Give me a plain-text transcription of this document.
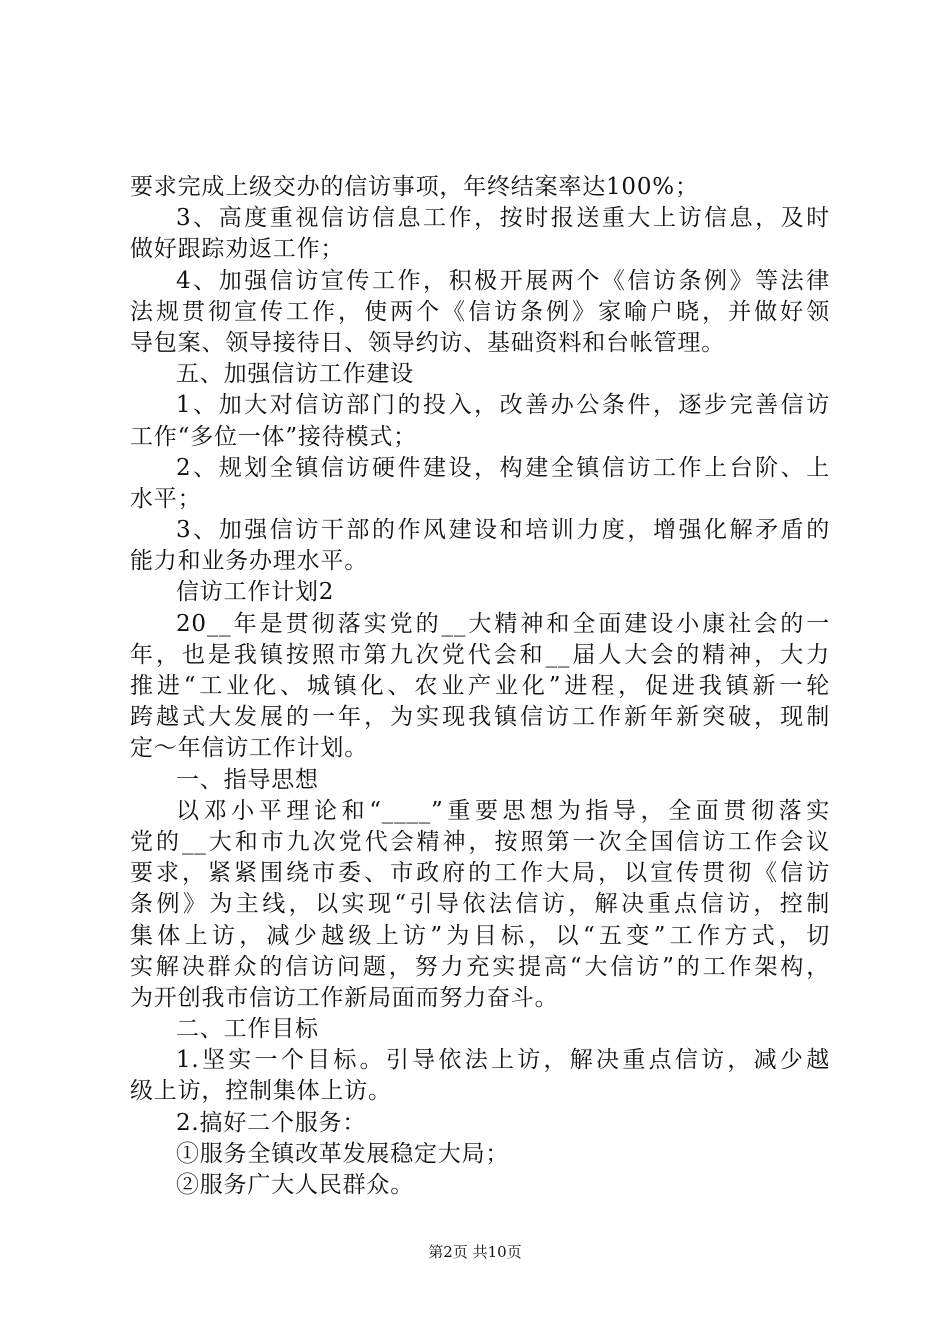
要求完成上级交办的信访事项，年终结案率达100%；
3、高度重视信访信息工作，按时报送重大上访信息，及时
做好跟踪劝返工作；
4、加强信访宣传工作，积极开展两个《信访条例》等法律
法规贯彻宣传工作，使两个《信访条例》家喻户晓，并做好领
导包案、领导接待日、领导约访、基础资料和台帐管理。
五、加强信访工作建设
1、加大对信访部门的投入，改善办公条件，逐步完善信访
工作“多位一体”接待模式；
2、规划全镇信访硬件建设，构建全镇信访工作上台阶、上
水平；
3、加强信访干部的作风建设和培训力度，增强化解矛盾的
能力和业务办理水平。
信访工作计划2
20__年是贯彻落实党的__大精神和全面建设小康社会的一
年，也是我镇按照市第九次党代会和__届人大会的精神，大力
推进“工业化、城镇化、农业产业化”进程，促进我镇新一轮
跨越式大发展的一年，为实现我镇信访工作新年新突破，现制
定～年信访工作计划。
一、指导思想
以邓小平理论和“____”重要思想为指导，全面贯彻落实
党的__大和市九次党代会精神，按照第一次全国信访工作会议
要求，紧紧围绕市委、市政府的工作大局，以宣传贯彻《信访
条例》为主线，以实现“引导依法信访，解决重点信访，控制
集体上访，减少越级上访”为目标，以“五变”工作方式，切
实解决群众的信访问题，努力充实提高“大信访”的工作架构，
为开创我市信访工作新局面而努力奋斗。
二、工作目标
1.坚实一个目标。引导依法上访，解决重点信访，减少越
级上访，控制集体上访。
2.搞好二个服务：
①服务全镇改革发展稳定大局；
②服务广大人民群众。
第2页 共10页
